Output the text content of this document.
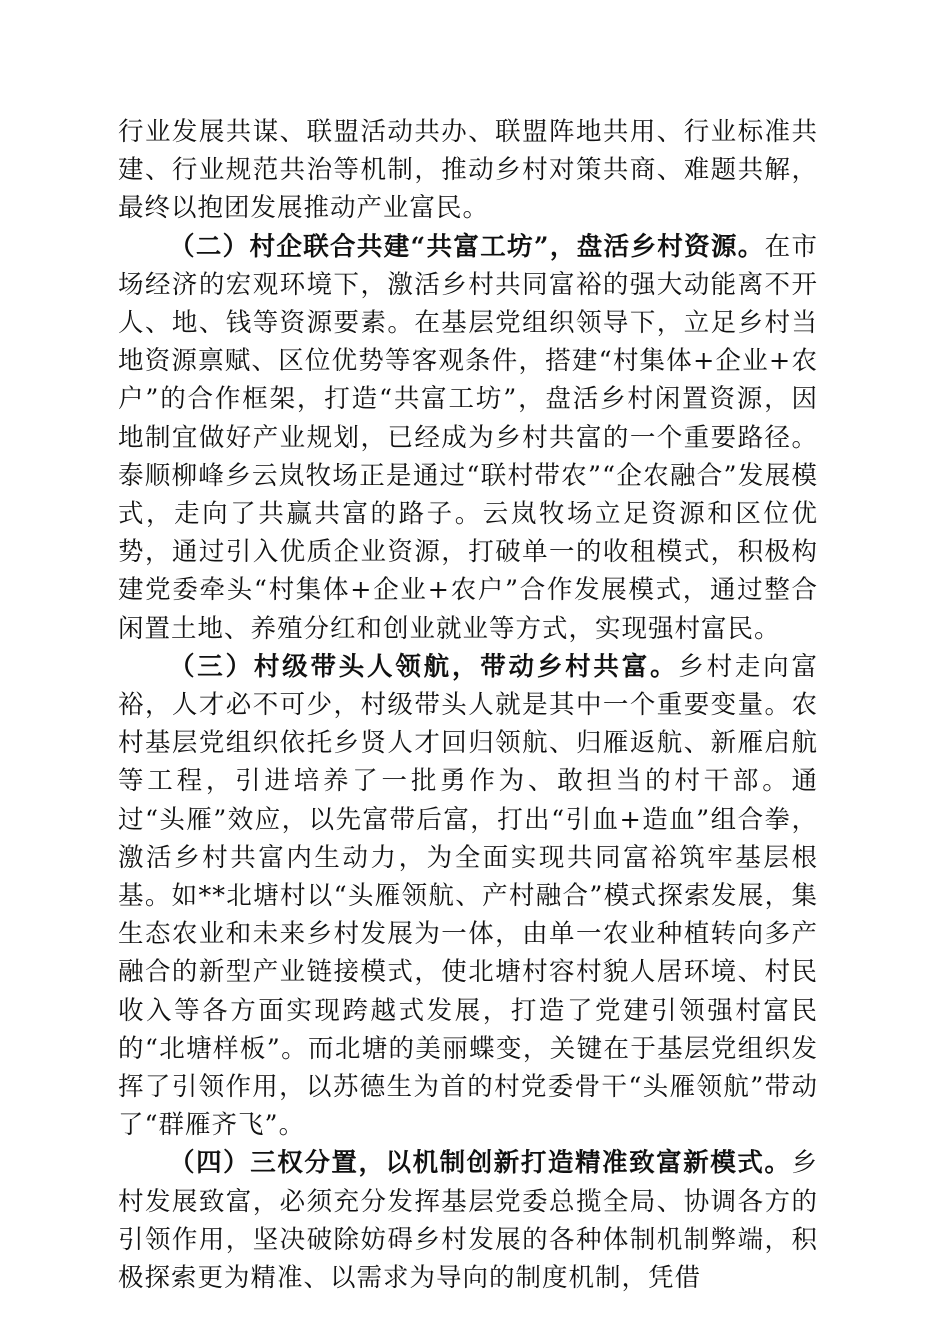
行业发展共谋、联盟活动共办、联盟阵地共用、行业标准共建、行业规范共治等机制，推动乡村对策共商、难题共解，最终以抱团发展推动产业富民。

（二）村企联合共建“共富工坊”，盘活乡村资源。在市场经济的宏观环境下，激活乡村共同富裕的强大动能离不开人、地、钱等资源要素。在基层党组织领导下，立足乡村当地资源禀赋、区位优势等客观条件，搭建“村集体+企业+农户”的合作框架，打造“共富工坊”，盘活乡村闲置资源，因地制宜做好产业规划，已经成为乡村共富的一个重要路径。泰顺柳峰乡云岚牧场正是通过“联村带农”“企农融合”发展模式，走向了共赢共富的路子。云岚牧场立足资源和区位优势，通过引入优质企业资源，打破单一的收租模式，积极构建党委牵头“村集体+企业+农户”合作发展模式，通过整合闲置土地、养殖分红和创业就业等方式，实现强村富民。

（三）村级带头人领航，带动乡村共富。乡村走向富裕，人才必不可少，村级带头人就是其中一个重要变量。农村基层党组织依托乡贤人才回归领航、归雁返航、新雁启航等工程，引进培养了一批勇作为、敢担当的村干部。通过“头雁”效应，以先富带后富，打出“引血+造血”组合拳，激活乡村共富内生动力，为全面实现共同富裕筑牢基层根基。如**北塘村以“头雁领航、产村融合”模式探索发展，集生态农业和未来乡村发展为一体，由单一农业种植转向多产融合的新型产业链接模式，使北塘村容村貌人居环境、村民收入等各方面实现跨越式发展，打造了党建引领强村富民的“北塘样板”。而北塘的美丽蝶变，关键在于基层党组织发挥了引领作用，以苏德生为首的村党委骨干“头雁领航”带动了“群雁齐飞”。

（四）三权分置，以机制创新打造精准致富新模式。乡村发展致富，必须充分发挥基层党委总揽全局、协调各方的引领作用，坚决破除妨碍乡村发展的各种体制机制弊端，积极探索更为精准、以需求为导向的制度机制，凭借
